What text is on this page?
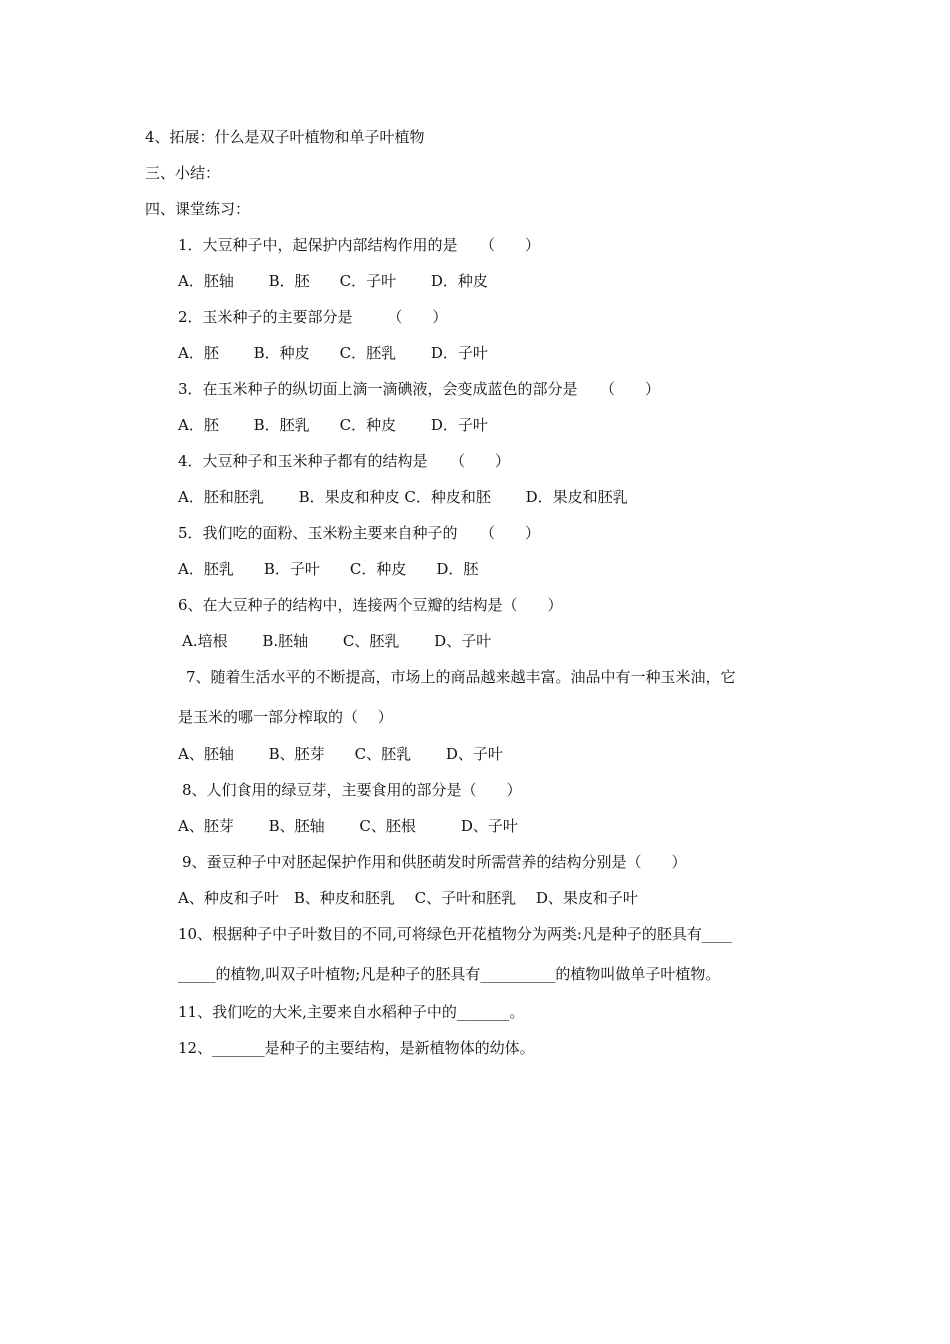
4、拓展：什么是双子叶植物和单子叶植物
三、小结：
四、课堂练习：
1．大豆种子中，起保护内部结构作用的是　　（　　）
A．胚轴　　 B．胚　　C．子叶　　 D．种皮
2．玉米种子的主要部分是　　 （　　）
A．胚　　 B．种皮　　C．胚乳　　 D．子叶
3．在玉米种子的纵切面上滴一滴碘液，会变成蓝色的部分是　　（　　）
A．胚　　 B．胚乳　　C．种皮　　 D．子叶
4．大豆种子和玉米种子都有的结构是　　（　　）
A．胚和胚乳　　 B．果皮和种皮 C．种皮和胚　　 D．果皮和胚乳
5．我们吃的面粉、玉米粉主要来自种子的　　（　　）
A．胚乳　　B．子叶　　C．种皮　　D．胚
6、在大豆种子的结构中，连接两个豆瓣的结构是（　　）
A.培根　　 B.胚轴　　 C、胚乳　　 D、子叶
7、随着生活水平的不断提高，市场上的商品越来越丰富。油品中有一种玉米油，它
是玉米的哪一部分榨取的（　 ）
A、胚轴　　 B、胚芽　　C、胚乳　　 D、子叶
8、人们食用的绿豆芽，主要食用的部分是（　　）
A、胚芽　　 B、胚轴　　 C、胚根　　　D、子叶
9、蚕豆种子中对胚起保护作用和供胚萌发时所需营养的结构分别是（　　）
A、种皮和子叶　B、种皮和胚乳　 C、子叶和胚乳　 D、果皮和子叶
10、根据种子中子叶数目的不同,可将绿色开花植物分为两类:凡是种子的胚具有____
_____的植物,叫双子叶植物;凡是种子的胚具有__________的植物叫做单子叶植物。
11、我们吃的大米,主要来自水稻种子中的_______。
12、_______是种子的主要结构，是新植物体的幼体。
